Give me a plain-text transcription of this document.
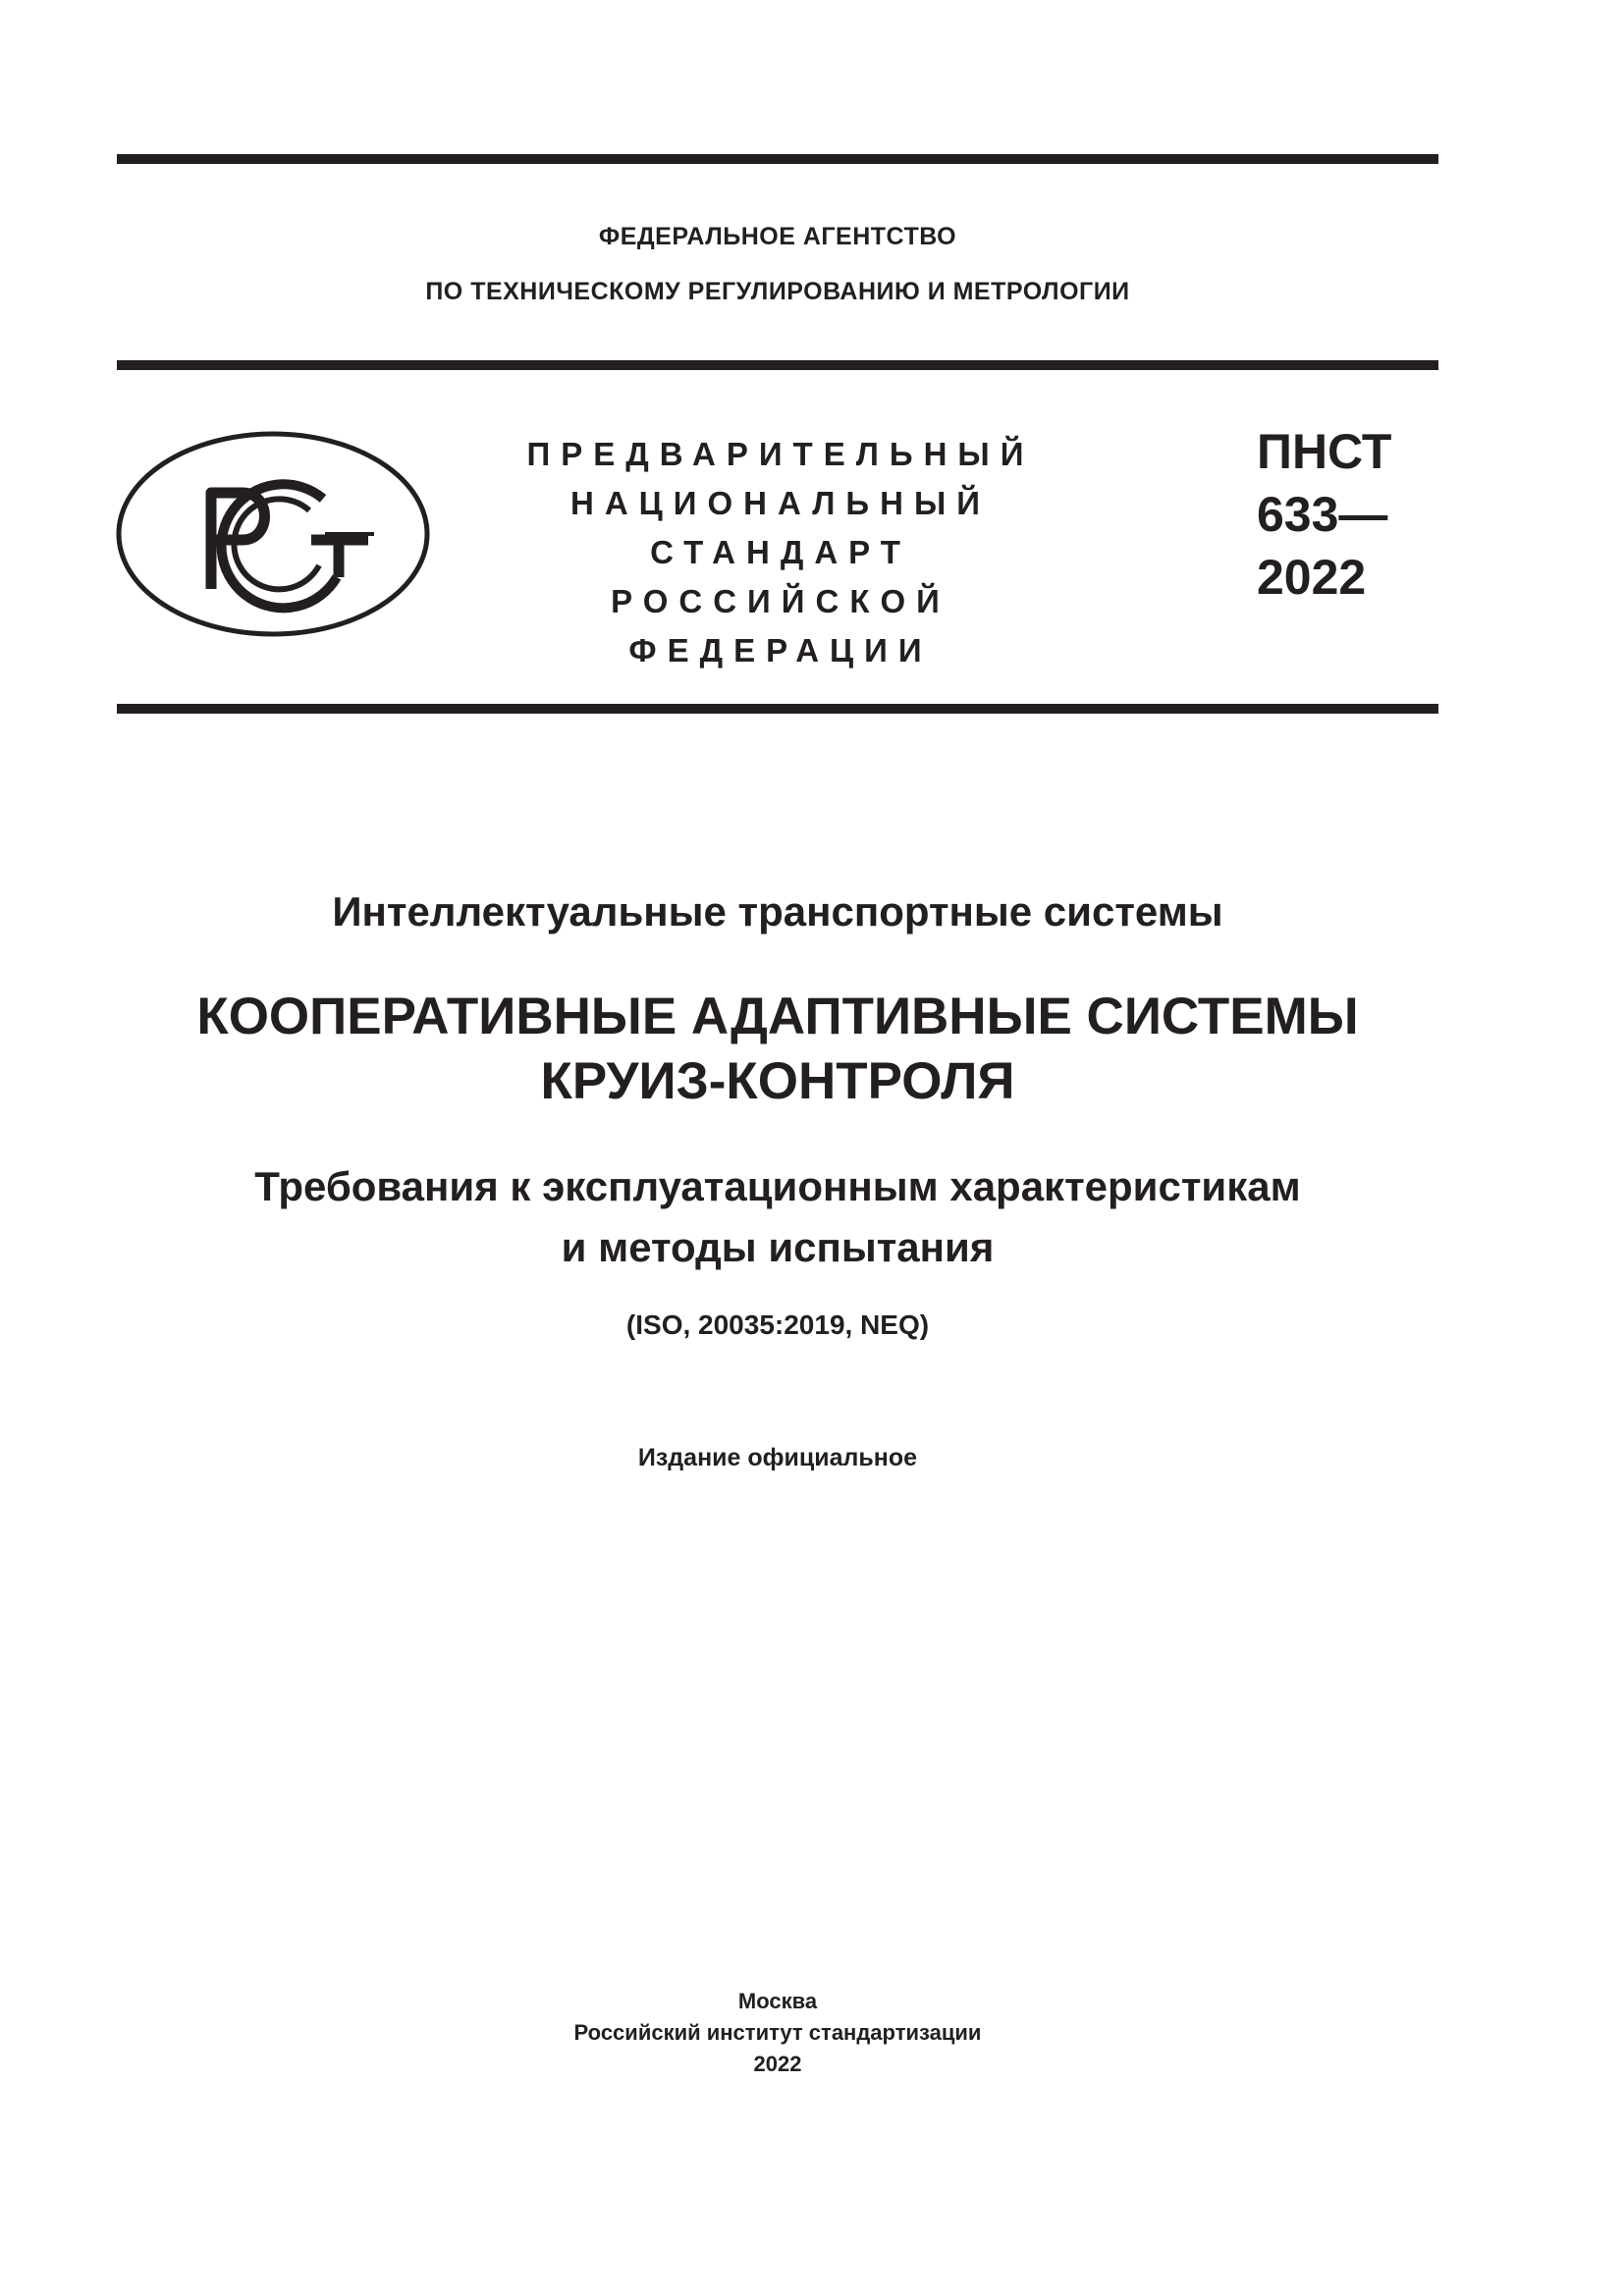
ФЕДЕРАЛЬНОЕ АГЕНТСТВО
ПО ТЕХНИЧЕСКОМУ РЕГУЛИРОВАНИЮ И МЕТРОЛОГИИ
ПРЕДВАРИТЕЛЬНЫЙ
НАЦИОНАЛЬНЫЙ
СТАНДАРТ
РОССИЙСКОЙ
ФЕДЕРАЦИИ
ПНСТ
633—
2022
Интеллектуальные транспортные системы
КООПЕРАТИВНЫЕ АДАПТИВНЫЕ СИСТЕМЫ
КРУИЗ-КОНТРОЛЯ
Требования к эксплуатационным характеристикам
и методы испытания
(ISO, 20035:2019, NEQ)
Издание официальное
Москва
Российский институт стандартизации
2022
